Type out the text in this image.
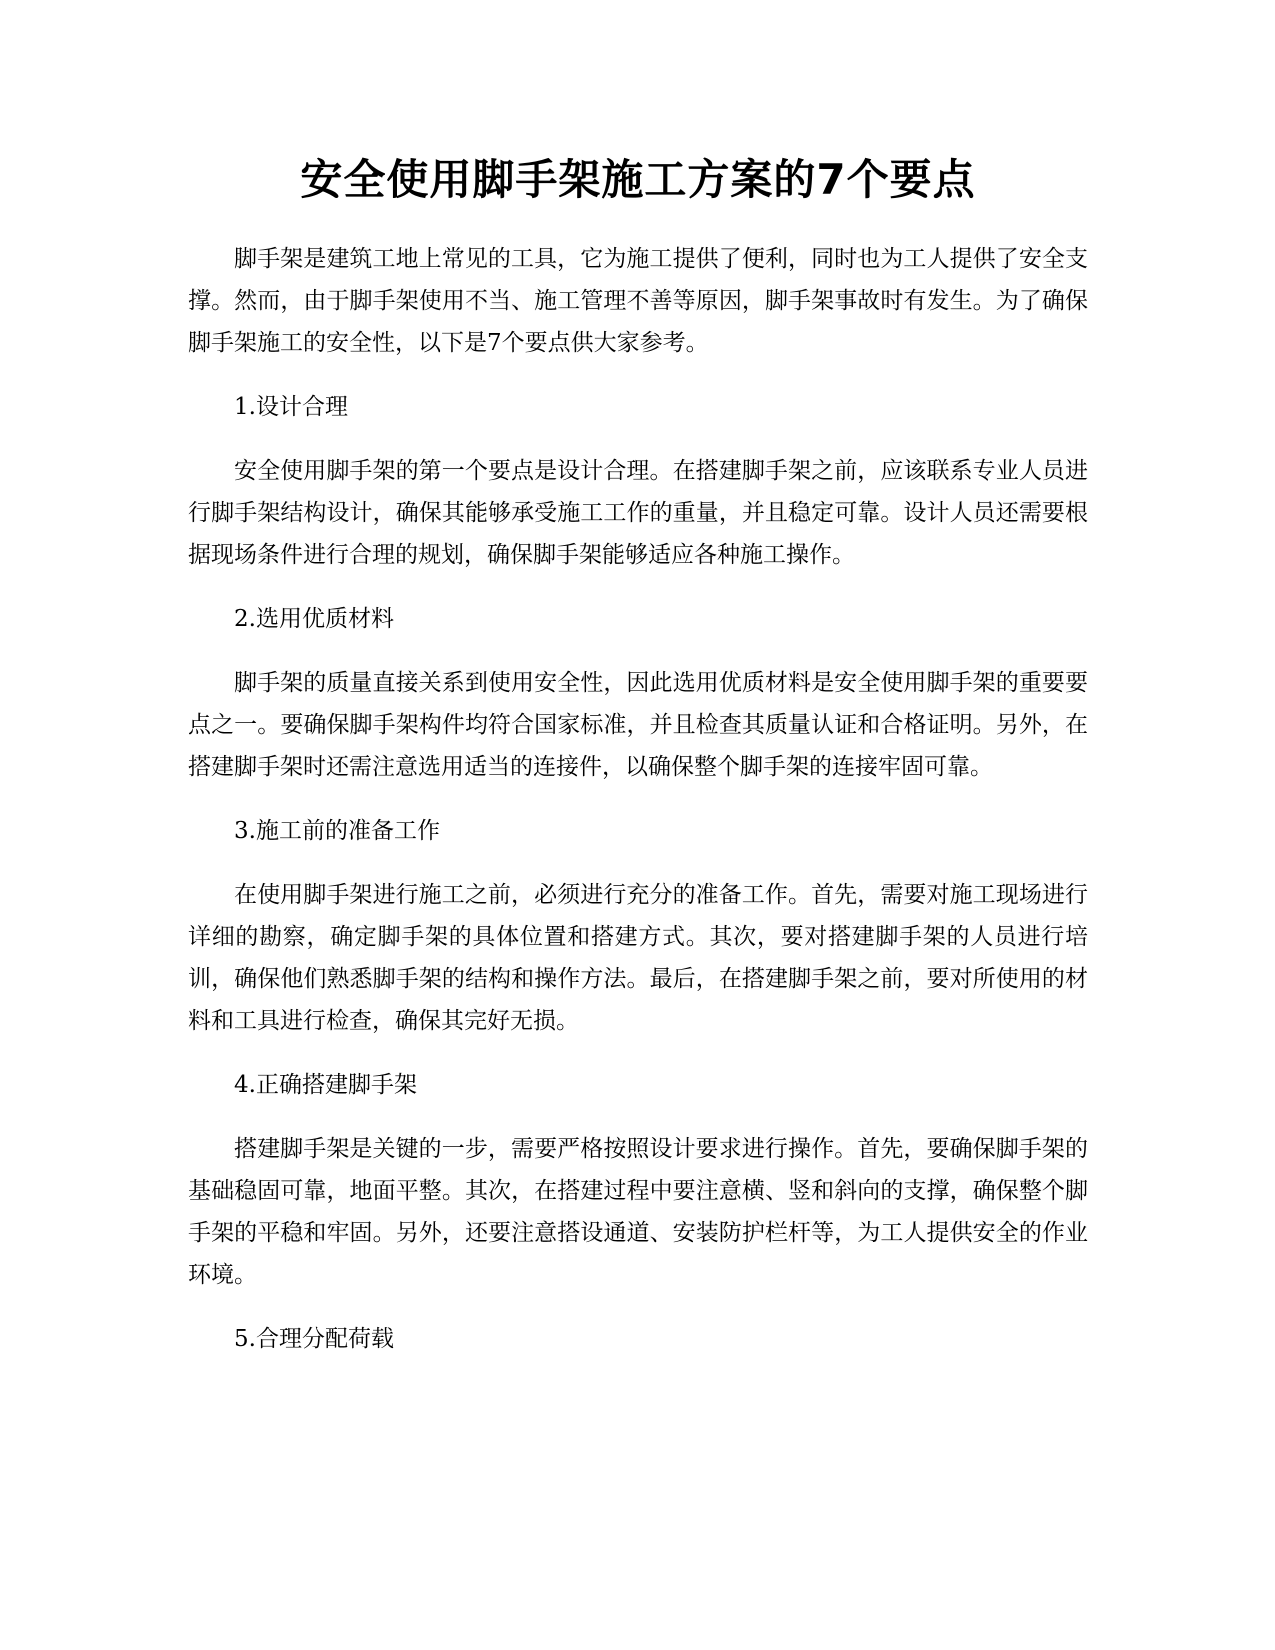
安全使用脚手架施工方案的7个要点

脚手架是建筑工地上常见的工具，它为施工提供了便利，同时也为工人提供了安全支撑。然而，由于脚手架使用不当、施工管理不善等原因，脚手架事故时有发生。为了确保脚手架施工的安全性，以下是7个要点供大家参考。

1.设计合理

安全使用脚手架的第一个要点是设计合理。在搭建脚手架之前，应该联系专业人员进行脚手架结构设计，确保其能够承受施工工作的重量，并且稳定可靠。设计人员还需要根据现场条件进行合理的规划，确保脚手架能够适应各种施工操作。

2.选用优质材料

脚手架的质量直接关系到使用安全性，因此选用优质材料是安全使用脚手架的重要要点之一。要确保脚手架构件均符合国家标准，并且检查其质量认证和合格证明。另外，在搭建脚手架时还需注意选用适当的连接件，以确保整个脚手架的连接牢固可靠。

3.施工前的准备工作

在使用脚手架进行施工之前，必须进行充分的准备工作。首先，需要对施工现场进行详细的勘察，确定脚手架的具体位置和搭建方式。其次，要对搭建脚手架的人员进行培训，确保他们熟悉脚手架的结构和操作方法。最后，在搭建脚手架之前，要对所使用的材料和工具进行检查，确保其完好无损。

4.正确搭建脚手架

搭建脚手架是关键的一步，需要严格按照设计要求进行操作。首先，要确保脚手架的基础稳固可靠，地面平整。其次，在搭建过程中要注意横、竖和斜向的支撑，确保整个脚手架的平稳和牢固。另外，还要注意搭设通道、安装防护栏杆等，为工人提供安全的作业环境。

5.合理分配荷载
